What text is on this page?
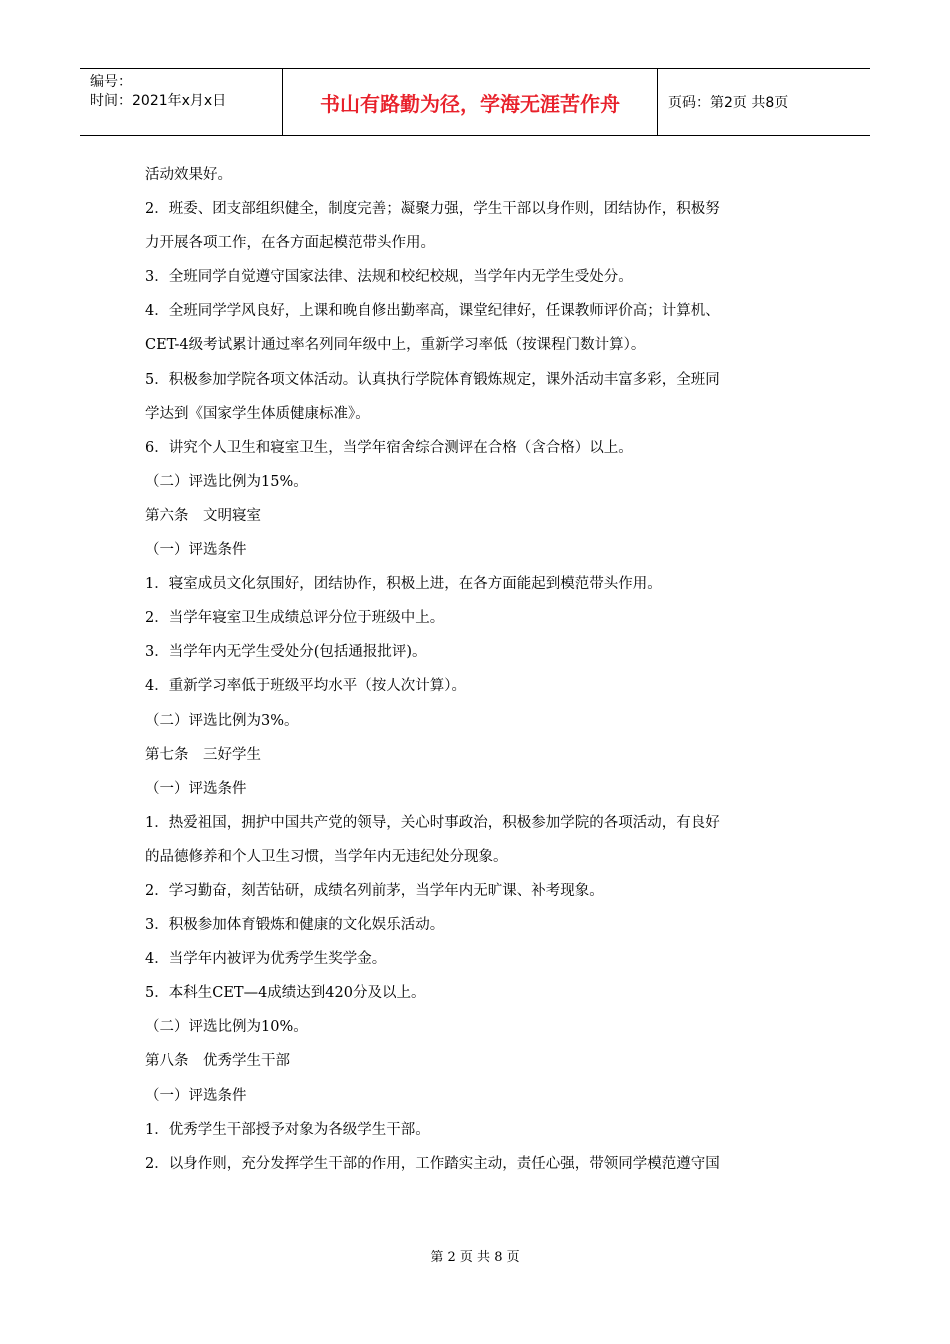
编号：
时间：2021年x月x日	书山有路勤为径，学海无涯苦作舟	页码：第2页 共8页
活动效果好。
2．班委、团支部组织健全，制度完善；凝聚力强，学生干部以身作则，团结协作，积极努
力开展各项工作，在各方面起模范带头作用。
3．全班同学自觉遵守国家法律、法规和校纪校规，当学年内无学生受处分。
4．全班同学学风良好，上课和晚自修出勤率高，课堂纪律好，任课教师评价高；计算机、
CET-4级考试累计通过率名列同年级中上，重新学习率低（按课程门数计算）。
5．积极参加学院各项文体活动。认真执行学院体育锻炼规定，课外活动丰富多彩，全班同
学达到《国家学生体质健康标准》。
6．讲究个人卫生和寝室卫生，当学年宿舍综合测评在合格（含合格）以上。
（二）评选比例为15%。
第六条　文明寝室
（一）评选条件
1．寝室成员文化氛围好，团结协作，积极上进，在各方面能起到模范带头作用。
2．当学年寝室卫生成绩总评分位于班级中上。
3．当学年内无学生受处分(包括通报批评)。
4．重新学习率低于班级平均水平（按人次计算）。
（二）评选比例为3%。
第七条　三好学生
（一）评选条件
1．热爱祖国，拥护中国共产党的领导，关心时事政治，积极参加学院的各项活动，有良好
的品德修养和个人卫生习惯，当学年内无违纪处分现象。
2．学习勤奋，刻苦钻研，成绩名列前茅，当学年内无旷课、补考现象。
3．积极参加体育锻炼和健康的文化娱乐活动。
4．当学年内被评为优秀学生奖学金。
5．本科生CET—4成绩达到420分及以上。
（二）评选比例为10%。
第八条　优秀学生干部
（一）评选条件
1．优秀学生干部授予对象为各级学生干部。
2．以身作则，充分发挥学生干部的作用，工作踏实主动，责任心强，带领同学模范遵守国
第 2 页 共 8 页
